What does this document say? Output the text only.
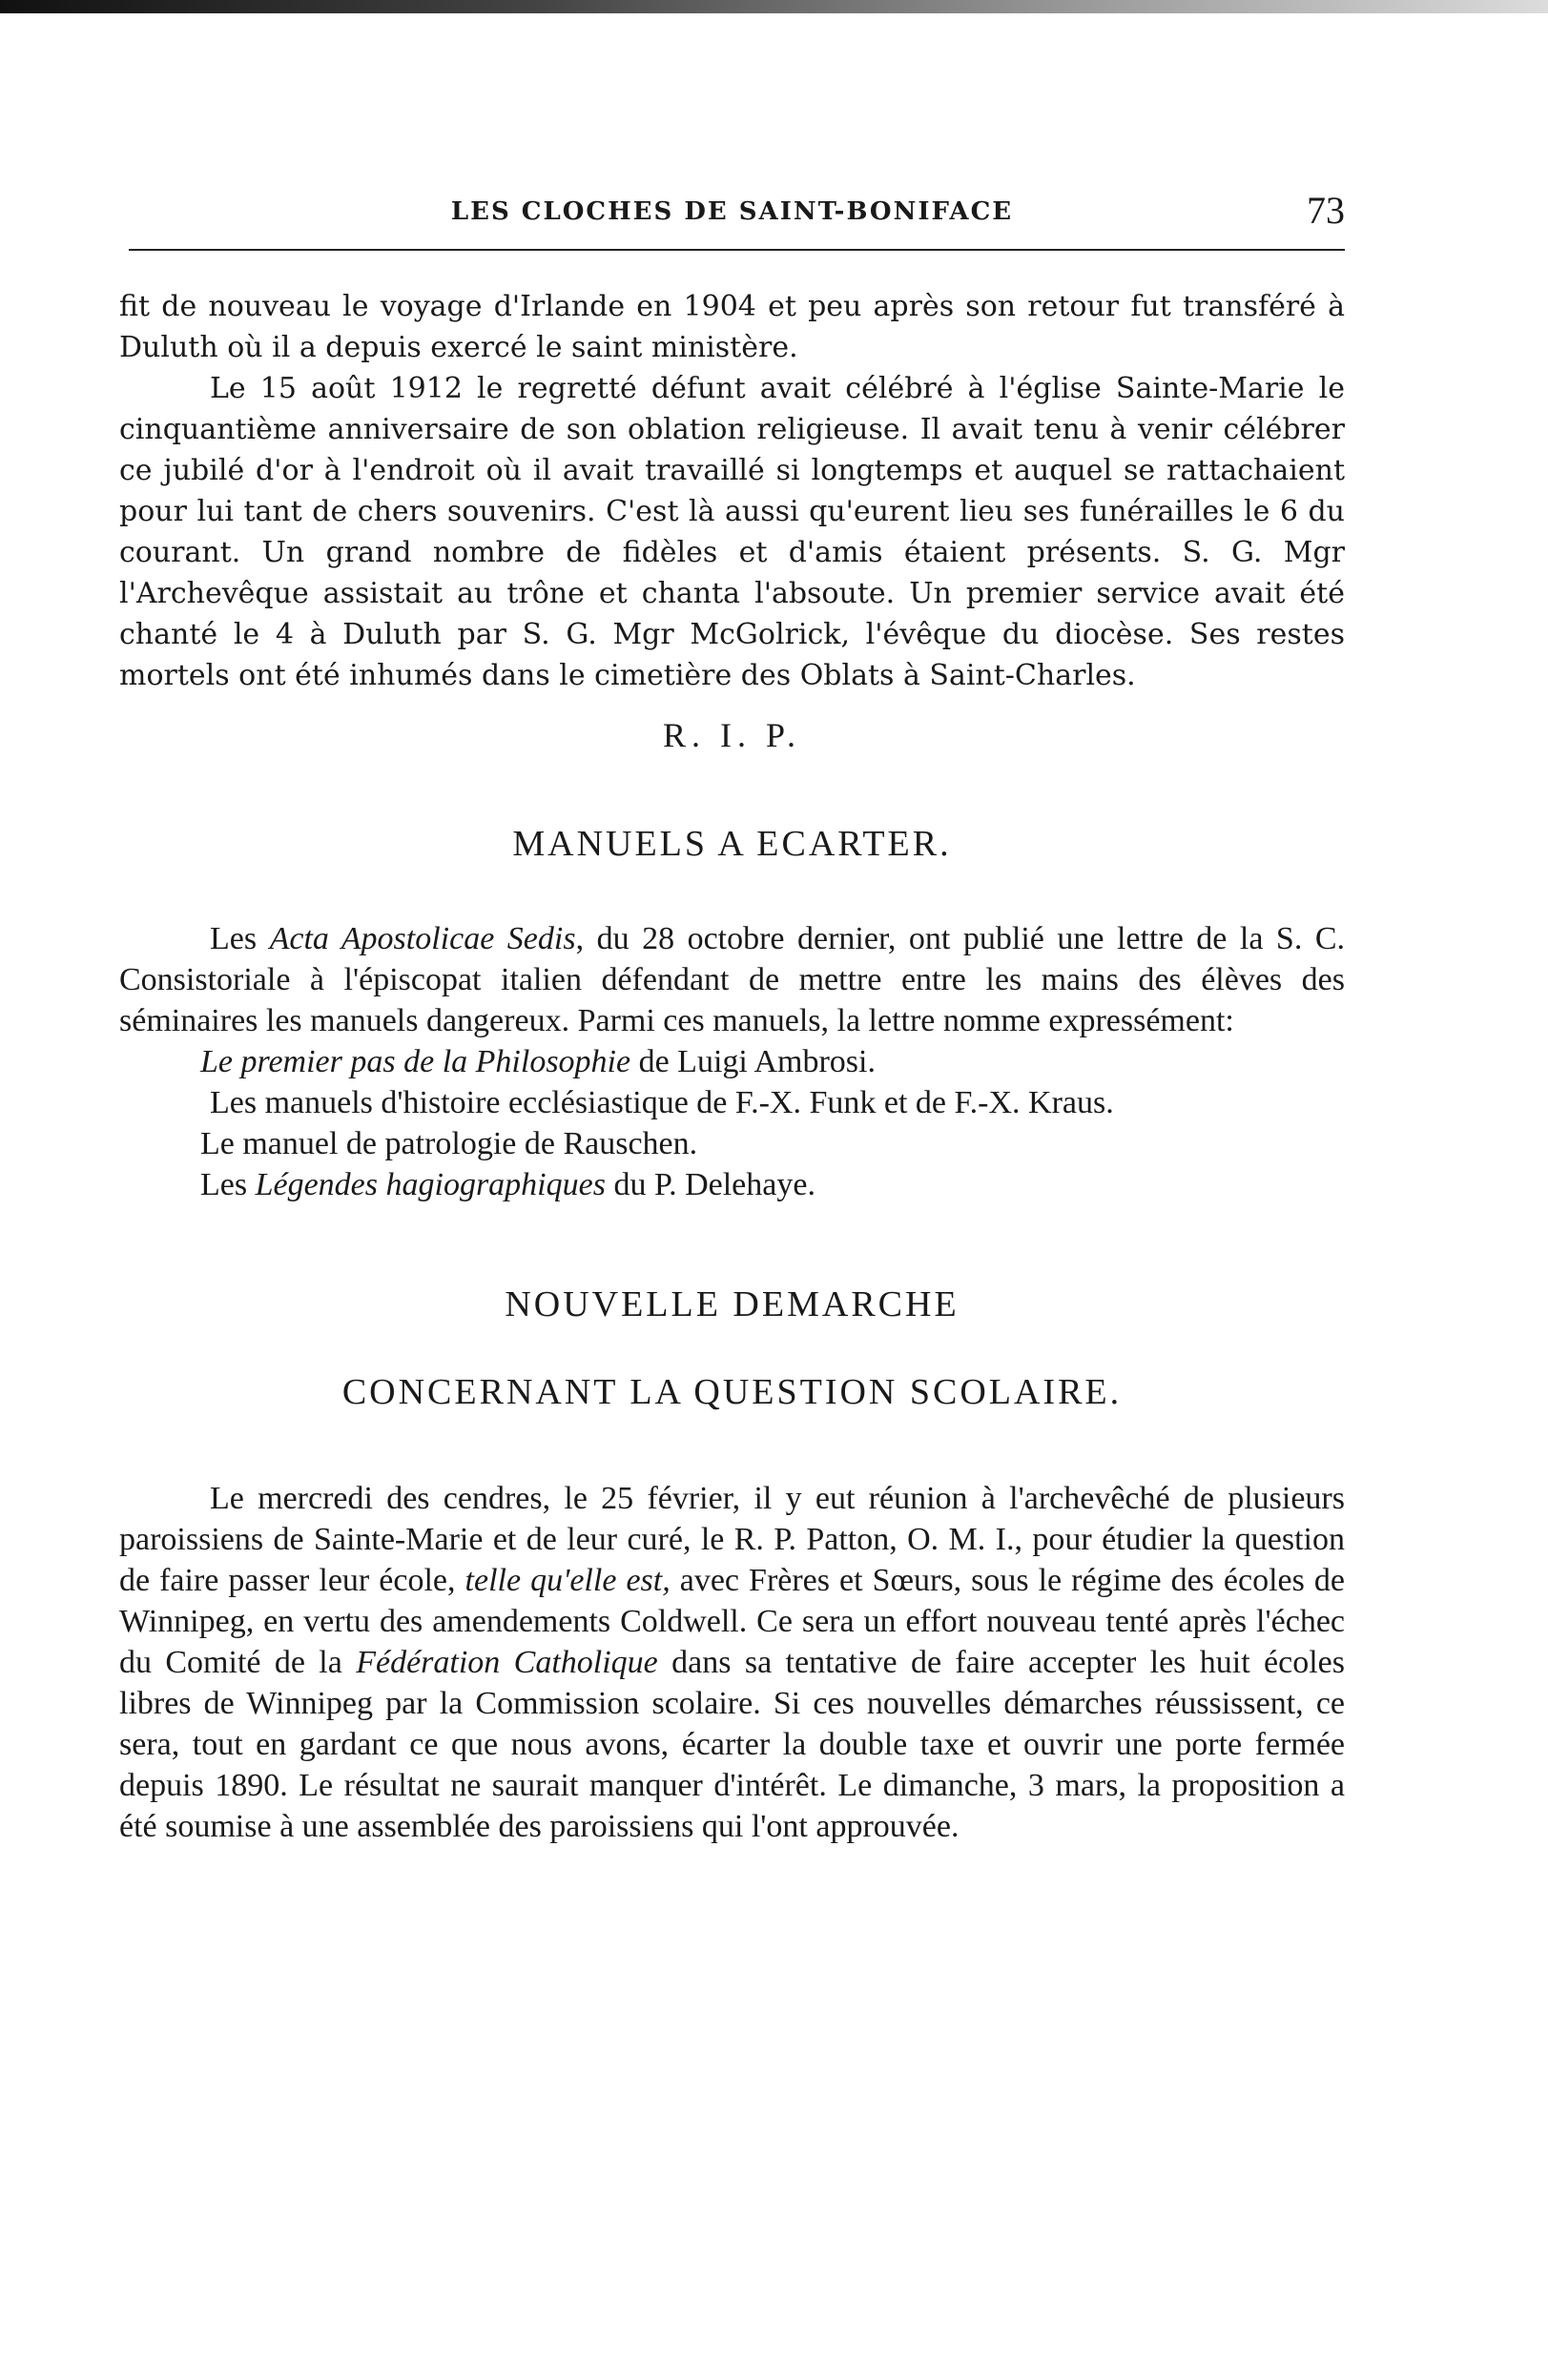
LES CLOCHES DE SAINT-BONIFACE	73

fit de nouveau le voyage d'Irlande en 1904 et peu après son retour fut transféré à Duluth où il a depuis exercé le saint ministère.

Le 15 août 1912 le regretté défunt avait célébré à l'église Sainte-Marie le cinquantième anniversaire de son oblation religieuse. Il avait tenu à venir célébrer ce jubilé d'or à l'endroit où il avait travaillé si longtemps et auquel se rattachaient pour lui tant de chers souvenirs. C'est là aussi qu'eurent lieu ses funérailles le 6 du courant. Un grand nombre de fidèles et d'amis étaient présents. S. G. Mgr l'Archevêque assistait au trône et chanta l'absoute. Un premier service avait été chanté le 4 à Duluth par S. G. Mgr McGolrick, l'évêque du diocèse. Ses restes mortels ont été inhumés dans le cimetière des Oblats à Saint-Charles.

R. I. P.

MANUELS A ECARTER.

Les Acta Apostolicae Sedis, du 28 octobre dernier, ont publié une lettre de la S. C. Consistoriale à l'épiscopat italien défendant de mettre entre les mains des élèves des séminaires les manuels dangereux. Parmi ces manuels, la lettre nomme expressément:

Le premier pas de la Philosophie de Luigi Ambrosi.

Les manuels d'histoire ecclésiastique de F.-X. Funk et de F.-X. Kraus.

Le manuel de patrologie de Rauschen.

Les Légendes hagiographiques du P. Delehaye.

NOUVELLE DEMARCHE
CONCERNANT LA QUESTION SCOLAIRE.

Le mercredi des cendres, le 25 février, il y eut réunion à l'archevêché de plusieurs paroissiens de Sainte-Marie et de leur curé, le R. P. Patton, O. M. I., pour étudier la question de faire passer leur école, telle qu'elle est, avec Frères et Sœurs, sous le régime des écoles de Winnipeg, en vertu des amendements Coldwell. Ce sera un effort nouveau tenté après l'échec du Comité de la Fédération Catholique dans sa tentative de faire accepter les huit écoles libres de Winnipeg par la Commission scolaire. Si ces nouvelles démarches réussissent, ce sera, tout en gardant ce que nous avons, écarter la double taxe et ouvrir une porte fermée depuis 1890. Le résultat ne saurait manquer d'intérêt. Le dimanche, 3 mars, la proposition a été soumise à une assemblée des paroissiens qui l'ont approuvée.
